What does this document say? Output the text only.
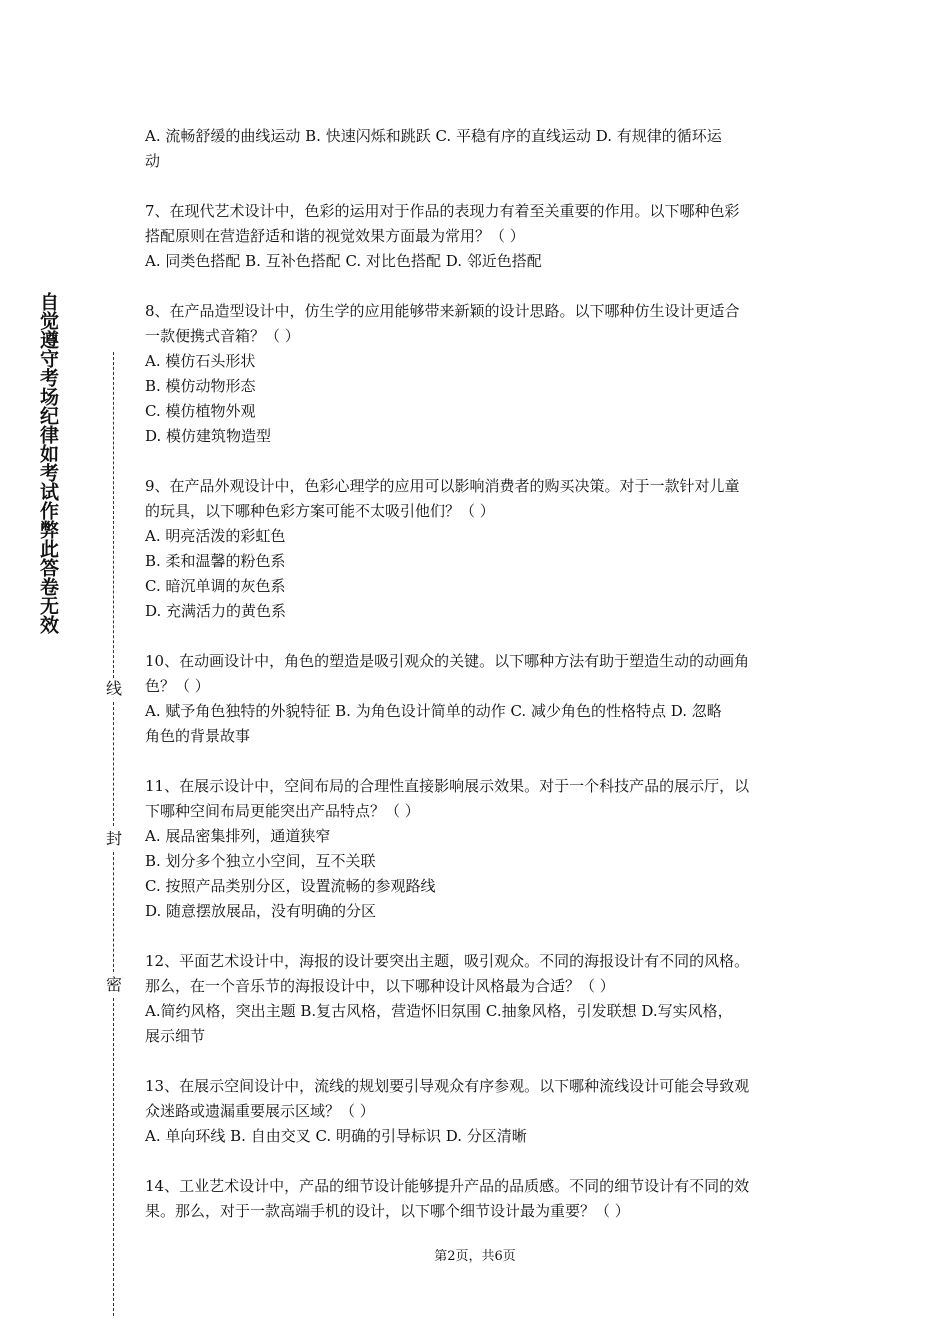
自觉遵守考场纪律如考试作弊此答卷无效
线
封
密

A. 流畅舒缓的曲线运动 B. 快速闪烁和跳跃 C. 平稳有序的直线运动 D. 有规律的循环运

动

7、在现代艺术设计中，色彩的运用对于作品的表现力有着至关重要的作用。以下哪种色彩

搭配原则在营造舒适和谐的视觉效果方面最为常用？（ ）

A. 同类色搭配 B. 互补色搭配 C. 对比色搭配 D. 邻近色搭配

8、在产品造型设计中，仿生学的应用能够带来新颖的设计思路。以下哪种仿生设计更适合

一款便携式音箱？（ ）

A. 模仿石头形状

B. 模仿动物形态

C. 模仿植物外观

D. 模仿建筑物造型

9、在产品外观设计中，色彩心理学的应用可以影响消费者的购买决策。对于一款针对儿童

的玩具，以下哪种色彩方案可能不太吸引他们？（ ）

A. 明亮活泼的彩虹色

B. 柔和温馨的粉色系

C. 暗沉单调的灰色系

D. 充满活力的黄色系

10、在动画设计中，角色的塑造是吸引观众的关键。以下哪种方法有助于塑造生动的动画角

色？（ ）

A. 赋予角色独特的外貌特征 B. 为角色设计简单的动作 C. 减少角色的性格特点 D. 忽略

角色的背景故事

11、在展示设计中，空间布局的合理性直接影响展示效果。对于一个科技产品的展示厅，以

下哪种空间布局更能突出产品特点？（ ）

A. 展品密集排列，通道狭窄

B. 划分多个独立小空间，互不关联

C. 按照产品类别分区，设置流畅的参观路线

D. 随意摆放展品，没有明确的分区

12、平面艺术设计中，海报的设计要突出主题，吸引观众。不同的海报设计有不同的风格。

那么，在一个音乐节的海报设计中，以下哪种设计风格最为合适？（ ）

A.简约风格，突出主题 B.复古风格，营造怀旧氛围 C.抽象风格，引发联想 D.写实风格，

展示细节

13、在展示空间设计中，流线的规划要引导观众有序参观。以下哪种流线设计可能会导致观

众迷路或遗漏重要展示区域？（ ）

A. 单向环线 B. 自由交叉 C. 明确的引导标识 D. 分区清晰

14、工业艺术设计中，产品的细节设计能够提升产品的品质感。不同的细节设计有不同的效

果。那么，对于一款高端手机的设计，以下哪个细节设计最为重要？（ ）

第2页，共6页
